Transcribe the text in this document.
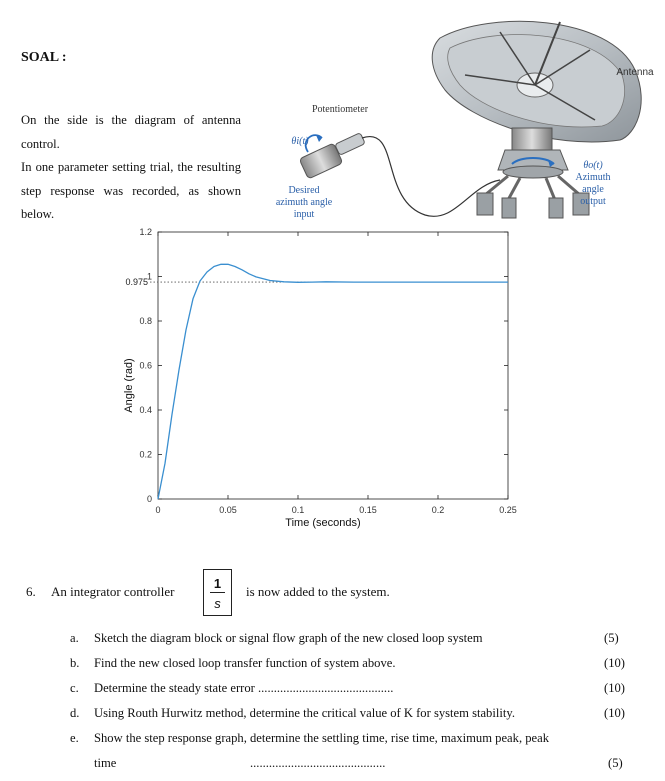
SOAL :

On the side is the diagram of antenna control.

In one parameter setting trial, the resulting step response was recorded, as shown below.

Antenna
Potentiometer
θi(t)
Desired
azimuth angle
input
θo(t)
Azimuth
angle
output
0	0.05	0.1	0.15	0.2	0.25
0
0.2
0.4
0.6
0.8
1
1.2
Time (seconds)
Angle (rad)
0.975
6. An integrator controller
1
s
is now added to the system.
a.	Sketch the diagram block or signal flow graph of the new closed loop system	(5)
b.	Find the new closed loop transfer function of system above.	(10)
c.	Determine the steady state error ...........................................	(10)
d.	Using Routh Hurwitz method, determine the critical value of K for system stability.	(10)
e.	Show the step response graph, determine the settling time, rise time, maximum peak, peak
time	...........................................	(5)
